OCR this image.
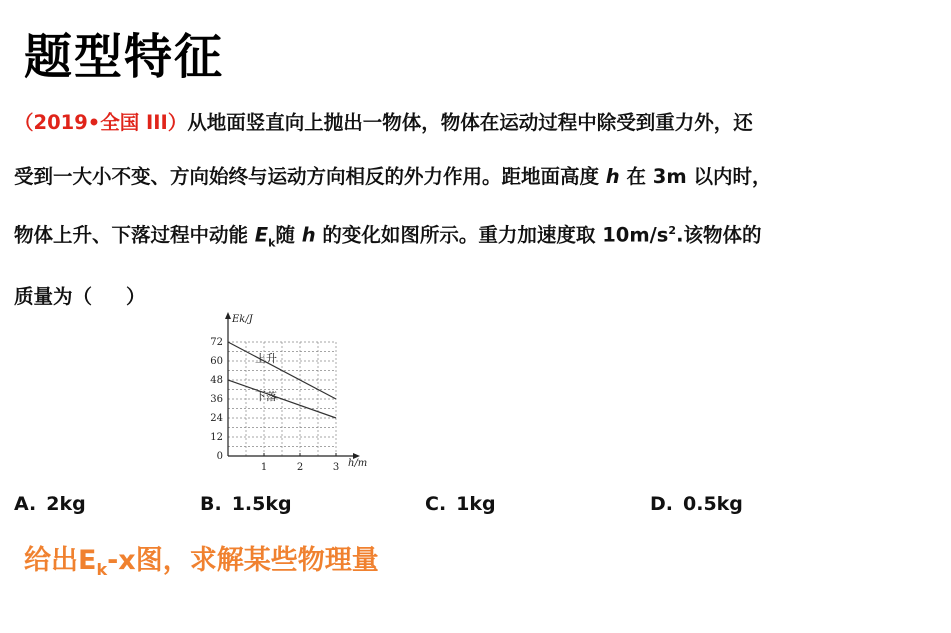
题型特征
（2019•全国 III）从地面竖直向上抛出一物体，物体在运动过程中除受到重力外，还
受到一大小不变、方向始终与运动方向相反的外力作用。距地面高度 h 在 3m 以内时，
物体上升、下落过程中动能 $E_k$随 h 的变化如图所示。重力加速度取 $10m/s^2$.该物体的
质量为（     ）
0
12
24
36
48
60
72
1	2	3
Ek/J
h/m
上升
下落
A. 2kg	B. 1.5kg	C. 1kg	D. 0.5kg
给出$E_k-x$图，求解某些物理量
